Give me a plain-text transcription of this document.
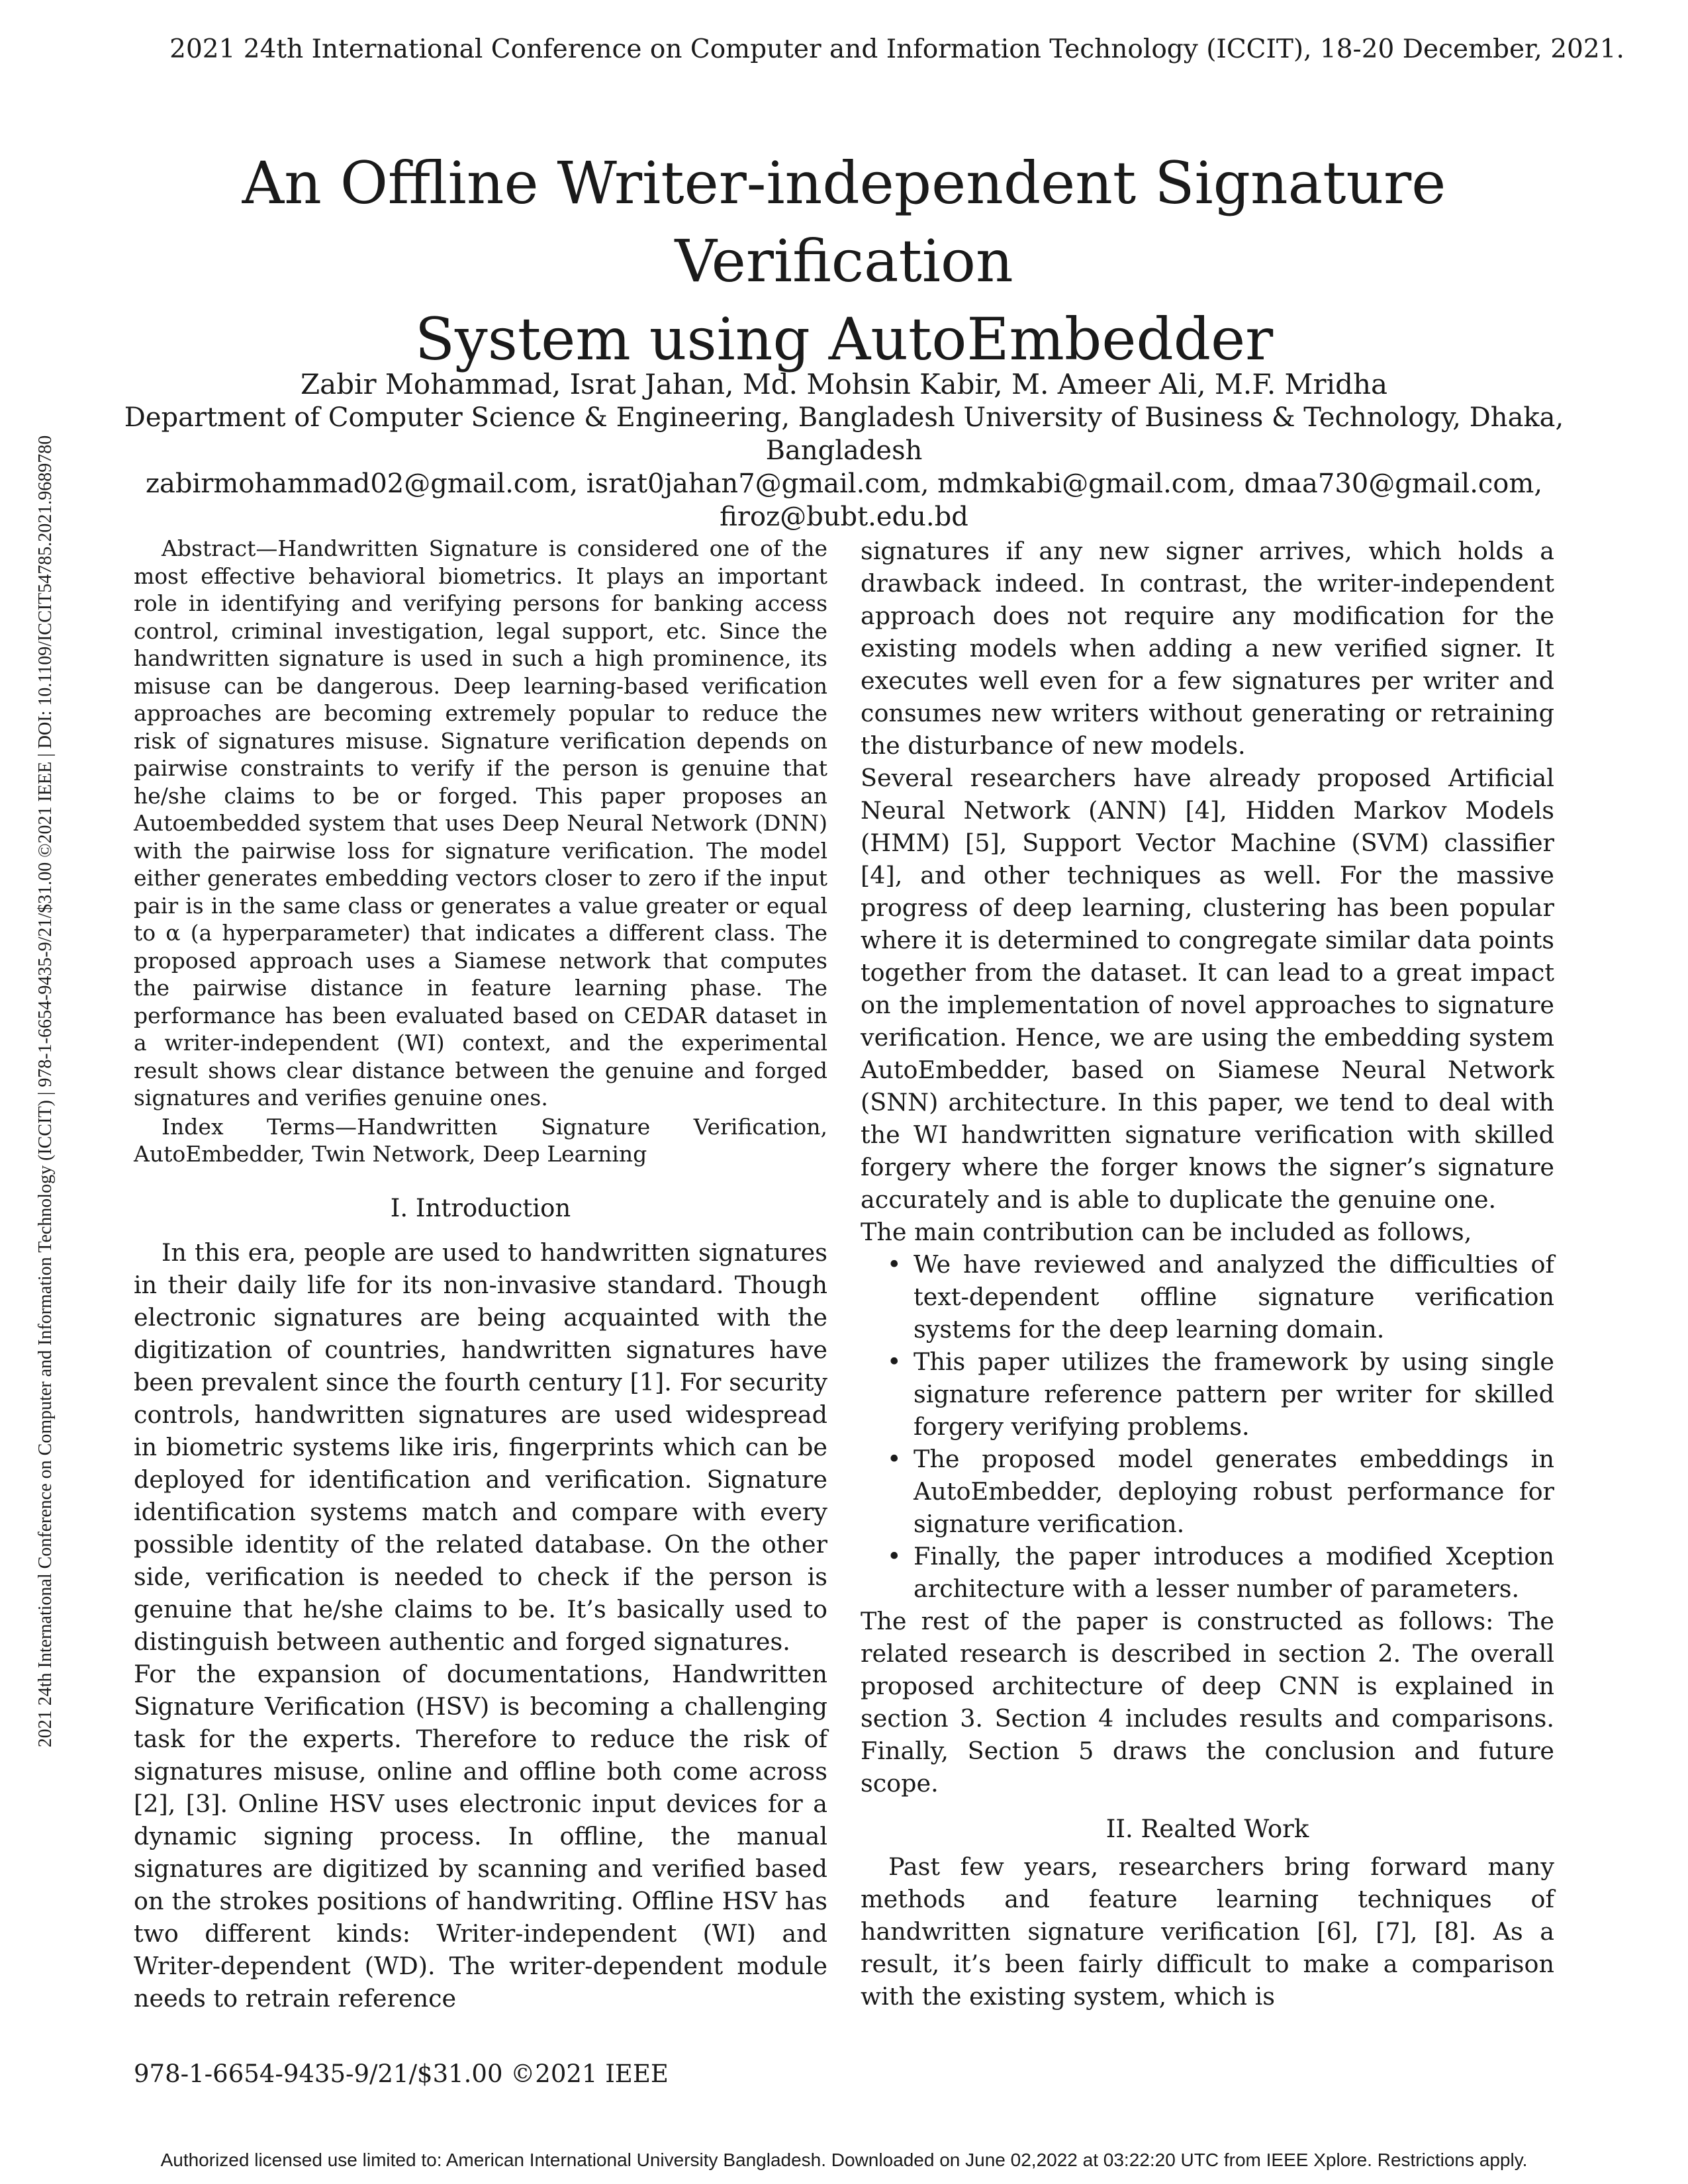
2021 24th International Conference on Computer and Information Technology (ICCIT), 18-20 December, 2021.
An Offline Writer-independent Signature Verification
System using AutoEmbedder
Zabir Mohammad, Israt Jahan, Md. Mohsin Kabir, M. Ameer Ali, M.F. Mridha
Department of Computer Science & Engineering, Bangladesh University of Business & Technology, Dhaka, Bangladesh
zabirmohammad02@gmail.com, israt0jahan7@gmail.com, mdmkabi@gmail.com, dmaa730@gmail.com, firoz@bubt.edu.bd
2021 24th International Conference on Computer and Information Technology (ICCIT) | 978-1-6654-9435-9/21/$31.00 ©2021 IEEE | DOI: 10.1109/ICCIT54785.2021.9689780	Abstract—Handwritten Signature is considered one of the most effective behavioral biometrics. It plays an important role in identifying and verifying persons for banking access control, criminal investigation, legal support, etc. Since the handwritten signature is used in such a high prominence, its misuse can be dangerous. Deep learning-based verification approaches are becoming extremely popular to reduce the risk of signatures misuse. Signature verification depends on pairwise constraints to verify if the person is genuine that he/she claims to be or forged. This paper proposes an Autoembedded system that uses Deep Neural Network (DNN) with the pairwise loss for signature verification. The model either generates embedding vectors closer to zero if the input pair is in the same class or generates a value greater or equal to α (a hyperparameter) that indicates a different class. The proposed approach uses a Siamese network that computes the pairwise distance in feature learning phase. The performance has been evaluated based on CEDAR dataset in a writer-independent (WI) context, and the experimental result shows clear distance between the genuine and forged signatures and verifies genuine ones.

Index Terms—Handwritten Signature Verification, AutoEmbedder, Twin Network, Deep Learning

I. Introduction

In this era, people are used to handwritten signatures in their daily life for its non-invasive standard. Though electronic signatures are being acquainted with the digitization of countries, handwritten signatures have been prevalent since the fourth century [1]. For security controls, handwritten signatures are used widespread in biometric systems like iris, fingerprints which can be deployed for identification and verification. Signature identification systems match and compare with every possible identity of the related database. On the other side, verification is needed to check if the person is genuine that he/she claims to be. It’s basically used to distinguish between authentic and forged signatures.

For the expansion of documentations, Handwritten Signature Verification (HSV) is becoming a challenging task for the experts. Therefore to reduce the risk of signatures misuse, online and offline both come across [2], [3]. Online HSV uses electronic input devices for a dynamic signing process. In offline, the manual signatures are digitized by scanning and verified based on the strokes positions of handwriting. Offline HSV has two different kinds: Writer-independent (WI) and Writer-dependent (WD). The writer-dependent module needs to retrain reference

signatures if any new signer arrives, which holds a drawback indeed. In contrast, the writer-independent approach does not require any modification for the existing models when adding a new verified signer. It executes well even for a few signatures per writer and consumes new writers without generating or retraining the disturbance of new models.

Several researchers have already proposed Artificial Neural Network (ANN) [4], Hidden Markov Models (HMM) [5], Support Vector Machine (SVM) classifier [4], and other techniques as well. For the massive progress of deep learning, clustering has been popular where it is determined to congregate similar data points together from the dataset. It can lead to a great impact on the implementation of novel approaches to signature verification. Hence, we are using the embedding system AutoEmbedder, based on Siamese Neural Network (SNN) architecture. In this paper, we tend to deal with the WI handwritten signature verification with skilled forgery where the forger knows the signer’s signature accurately and is able to duplicate the genuine one.

The main contribution can be included as follows,

• We have reviewed and analyzed the difficulties of text-dependent offline signature verification systems for the deep learning domain.
• This paper utilizes the framework by using single signature reference pattern per writer for skilled forgery verifying problems.
• The proposed model generates embeddings in AutoEmbedder, deploying robust performance for signature verification.
• Finally, the paper introduces a modified Xception architecture with a lesser number of parameters.

The rest of the paper is constructed as follows: The related research is described in section 2. The overall proposed architecture of deep CNN is explained in section 3. Section 4 includes results and comparisons. Finally, Section 5 draws the conclusion and future scope.

II. Realted Work

Past few years, researchers bring forward many methods and feature learning techniques of handwritten signature verification [6], [7], [8]. As a result, it’s been fairly difficult to make a comparison with the existing system, which is

978-1-6654-9435-9/21/$31.00 ©2021 IEEE
Authorized licensed use limited to: American International University Bangladesh. Downloaded on June 02,2022 at 03:22:20 UTC from IEEE Xplore. Restrictions apply.
